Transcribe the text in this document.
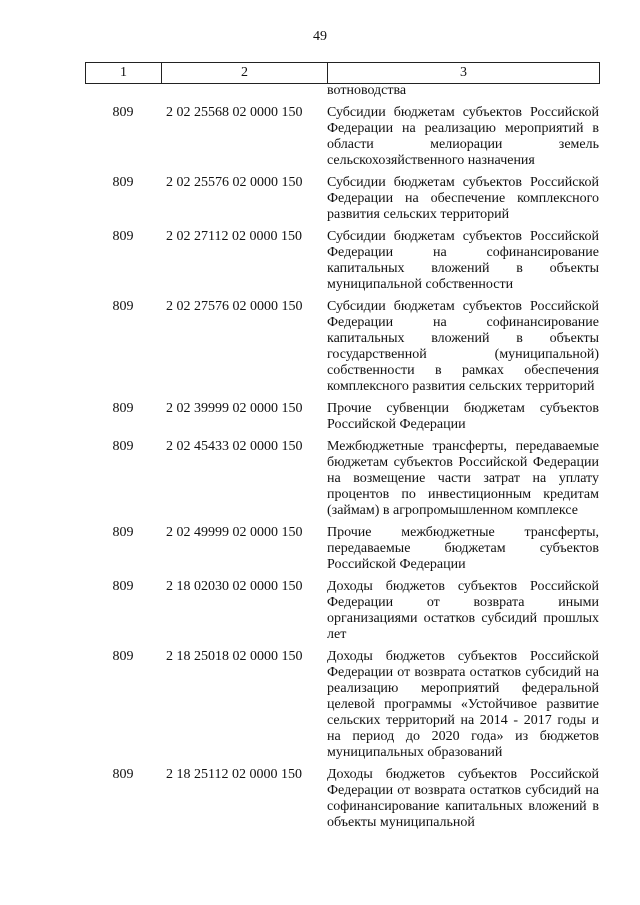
49
1	2	3
вотноводства
809	2 02 25568 02 0000 150	Субсидии бюджетам субъектов Российской Федерации на реализацию мероприятий в области мелиорации земель сельскохозяйственного назначения
809	2 02 25576 02 0000 150	Субсидии бюджетам субъектов Российской Федерации на обеспечение комплексного развития сельских территорий
809	2 02 27112 02 0000 150	Субсидии бюджетам субъектов Российской Федерации на софинансирование капитальных вложений в объекты муниципальной собственности
809	2 02 27576 02 0000 150	Субсидии бюджетам субъектов Российской Федерации на софинансирование капитальных вложений в объекты государственной (муниципальной) собственности в рамках обеспечения комплексного развития сельских территорий
809	2 02 39999 02 0000 150	Прочие субвенции бюджетам субъектов Российской Федерации
809	2 02 45433 02 0000 150	Межбюджетные трансферты, передаваемые бюджетам субъектов Российской Федерации на возмещение части затрат на уплату процентов по инвестиционным кредитам (займам) в агропромышленном комплексе
809	2 02 49999 02 0000 150	Прочие межбюджетные трансферты, передаваемые бюджетам субъектов Российской Федерации
809	2 18 02030 02 0000 150	Доходы бюджетов субъектов Российской Федерации от возврата иными организациями остатков субсидий прошлых лет
809	2 18 25018 02 0000 150	Доходы бюджетов субъектов Российской Федерации от возврата остатков субсидий на реализацию мероприятий федеральной целевой программы «Устойчивое развитие сельских территорий на 2014 - 2017 годы и на период до 2020 года» из бюджетов муниципальных образований
809	2 18 25112 02 0000 150	Доходы бюджетов субъектов Российской Федерации от возврата остатков субсидий на софинансирование капитальных вложений в объекты муниципальной
